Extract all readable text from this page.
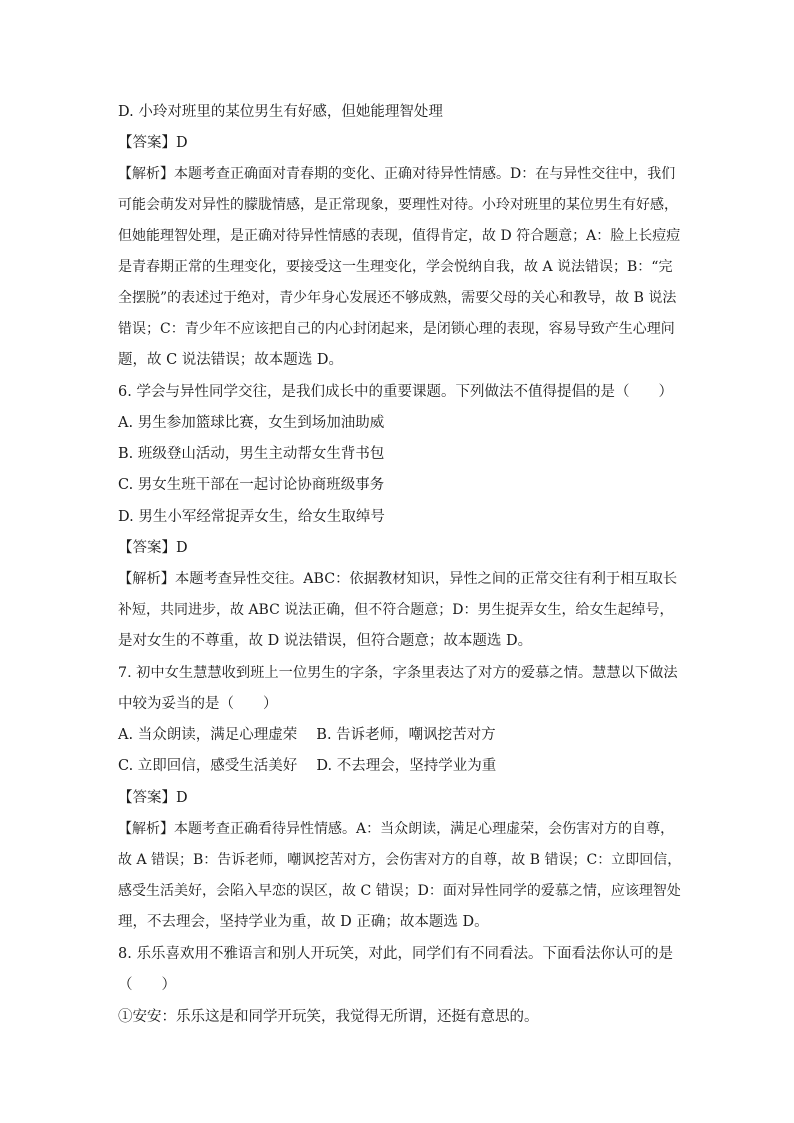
D. 小玲对班里的某位男生有好感，但她能理智处理
【答案】D
【解析】本题考查正确面对青春期的变化、正确对待异性情感。D：在与异性交往中，我们
可能会萌发对异性的朦胧情感，是正常现象，要理性对待。小玲对班里的某位男生有好感，
但她能理智处理，是正确对待异性情感的表现，值得肯定，故 D 符合题意；A：脸上长痘痘
是青春期正常的生理变化，要接受这一生理变化，学会悦纳自我，故 A 说法错误；B：“完
全摆脱”的表述过于绝对，青少年身心发展还不够成熟，需要父母的关心和教导，故 B 说法
错误；C：青少年不应该把自己的内心封闭起来，是闭锁心理的表现，容易导致产生心理问
题，故 C 说法错误；故本题选 D。
6. 学会与异性同学交往，是我们成长中的重要课题。下列做法不值得提倡的是（　　）
A. 男生参加篮球比赛，女生到场加油助威
B. 班级登山活动，男生主动帮女生背书包
C. 男女生班干部在一起讨论协商班级事务
D. 男生小军经常捉弄女生，给女生取绰号
【答案】D
【解析】本题考查异性交往。ABC：依据教材知识，异性之间的正常交往有利于相互取长
补短，共同进步，故 ABC 说法正确，但不符合题意；D：男生捉弄女生，给女生起绰号，
是对女生的不尊重，故 D 说法错误，但符合题意；故本题选 D。
7. 初中女生慧慧收到班上一位男生的字条，字条里表达了对方的爱慕之情。慧慧以下做法
中较为妥当的是（　　）
A. 当众朗读，满足心理虚荣　 B. 告诉老师，嘲讽挖苦对方
C. 立即回信，感受生活美好　 D. 不去理会，坚持学业为重
【答案】D
【解析】本题考查正确看待异性情感。A：当众朗读，满足心理虚荣，会伤害对方的自尊，
故 A 错误；B：告诉老师，嘲讽挖苦对方，会伤害对方的自尊，故 B 错误；C：立即回信，
感受生活美好，会陷入早恋的误区，故 C 错误；D：面对异性同学的爱慕之情，应该理智处
理，不去理会，坚持学业为重，故 D 正确；故本题选 D。
8. 乐乐喜欢用不雅语言和别人开玩笑，对此，同学们有不同看法。下面看法你认可的是
（　　）
①安安：乐乐这是和同学开玩笑，我觉得无所谓，还挺有意思的。
